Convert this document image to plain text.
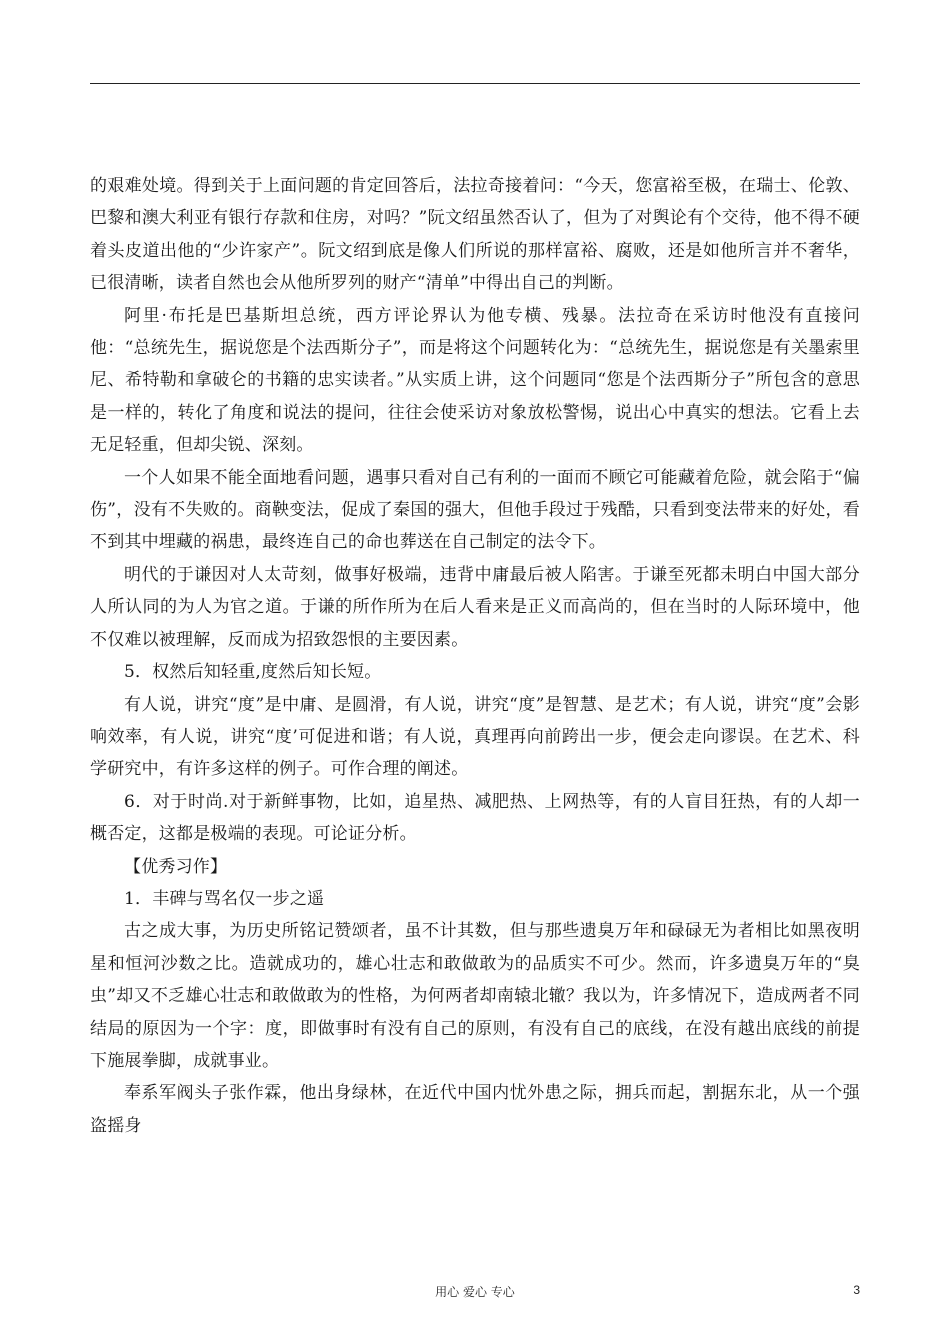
的艰难处境。得到关于上面问题的肯定回答后，法拉奇接着问：“今天，您富裕至极，在瑞士、伦敦、巴黎和澳大利亚有银行存款和住房，对吗？”阮文绍虽然否认了，但为了对舆论有个交待，他不得不硬着头皮道出他的“少许家产”。阮文绍到底是像人们所说的那样富裕、腐败，还是如他所言并不奢华，已很清晰，读者自然也会从他所罗列的财产“清单”中得出自己的判断。

阿里·布托是巴基斯坦总统，西方评论界认为他专横、残暴。法拉奇在采访时他没有直接问他：“总统先生，据说您是个法西斯分子”，而是将这个问题转化为：“总统先生，据说您是有关墨索里尼、希特勒和拿破仑的书籍的忠实读者。”从实质上讲，这个问题同“您是个法西斯分子”所包含的意思是一样的，转化了角度和说法的提问，往往会使采访对象放松警惕，说出心中真实的想法。它看上去无足轻重，但却尖锐、深刻。

一个人如果不能全面地看问题，遇事只看对自己有利的一面而不顾它可能藏着危险，就会陷于“偏伤”，没有不失败的。商鞅变法，促成了秦国的强大，但他手段过于残酷，只看到变法带来的好处，看不到其中埋藏的祸患，最终连自己的命也葬送在自己制定的法令下。

明代的于谦因对人太苛刻，做事好极端，违背中庸最后被人陷害。于谦至死都未明白中国大部分人所认同的为人为官之道。于谦的所作所为在后人看来是正义而高尚的，但在当时的人际环境中，他不仅难以被理解，反而成为招致怨恨的主要因素。

5．权然后知轻重,度然后知长短。

有人说，讲究“度”是中庸、是圆滑，有人说，讲究“度”是智慧、是艺术；有人说，讲究“度”会影响效率，有人说，讲究“度’可促进和谐；有人说，真理再向前跨出一步，便会走向谬误。在艺术、科学研究中，有许多这样的例子。可作合理的阐述。

6．对于时尚.对于新鲜事物，比如，追星热、减肥热、上网热等，有的人盲目狂热，有的人却一概否定，这都是极端的表现。可论证分析。

【优秀习作】

1．丰碑与骂名仅一步之遥

古之成大事，为历史所铭记赞颂者，虽不计其数，但与那些遗臭万年和碌碌无为者相比如黑夜明星和恒河沙数之比。造就成功的，雄心壮志和敢做敢为的品质实不可少。然而，许多遗臭万年的“臭虫”却又不乏雄心壮志和敢做敢为的性格，为何两者却南辕北辙？我以为，许多情况下，造成两者不同结局的原因为一个字：度，即做事时有没有自己的原则，有没有自己的底线，在没有越出底线的前提下施展拳脚，成就事业。

奉系军阀头子张作霖，他出身绿林，在近代中国内忧外患之际，拥兵而起，割据东北，从一个强盗摇身

用心 爱心 专心	3
